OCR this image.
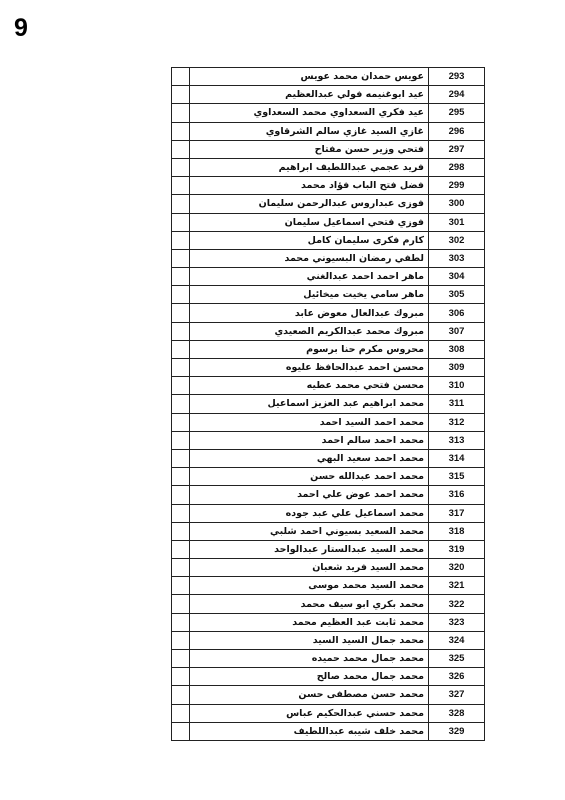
9
	عويس حمدان محمد عويس	293
	عيد ابوغنيمه فولي عبدالعظيم	294
	عيد فكري السعداوي محمد السعداوي	295
	غازي السيد غازي سالم الشرقاوي	296
	فتحي وزير حسن مفتاح	297
	فريد عجمي عبداللطيف ابراهيم	298
	فضل فتح الباب فؤاد محمد	299
	فوزى عبداروس عبدالرحمن سليمان	300
	فوزي فتحي اسماعيل سليمان	301
	كارم فكرى سليمان كامل	302
	لطفي رمضان البسيوني محمد	303
	ماهر احمد احمد عبدالغني	304
	ماهر سامي يخيت ميخائيل	305
	مبروك عبدالعال معوض عابد	306
	مبروك محمد عبدالكريم الصعيدي	307
	محروس مكرم حنا برسوم	308
	محسن احمد عبدالحافظ عليوه	309
	محسن فتحي محمد عطيه	310
	محمد ابراهيم عبد العزيز اسماعيل	311
	محمد احمد السيد احمد	312
	محمد احمد سالم احمد	313
	محمد احمد سعيد البهي	314
	محمد احمد عبدالله حسن	315
	محمد احمد عوض علي احمد	316
	محمد اسماعيل علي عبد جوده	317
	محمد السعيد بسيوني احمد شلبي	318
	محمد السيد عبدالستار عبدالواحد	319
	محمد السيد فريد شعبان	320
	محمد السيد محمد موسى	321
	محمد بكري ابو سيف محمد	322
	محمد ثابت عبد العظيم محمد	323
	محمد جمال السيد السيد	324
	محمد جمال محمد حميده	325
	محمد جمال محمد صالح	326
	محمد حسن مصطفى حسن	327
	محمد حسني عبدالحكيم عباس	328
	محمد خلف شيبه عبداللطيف	329
